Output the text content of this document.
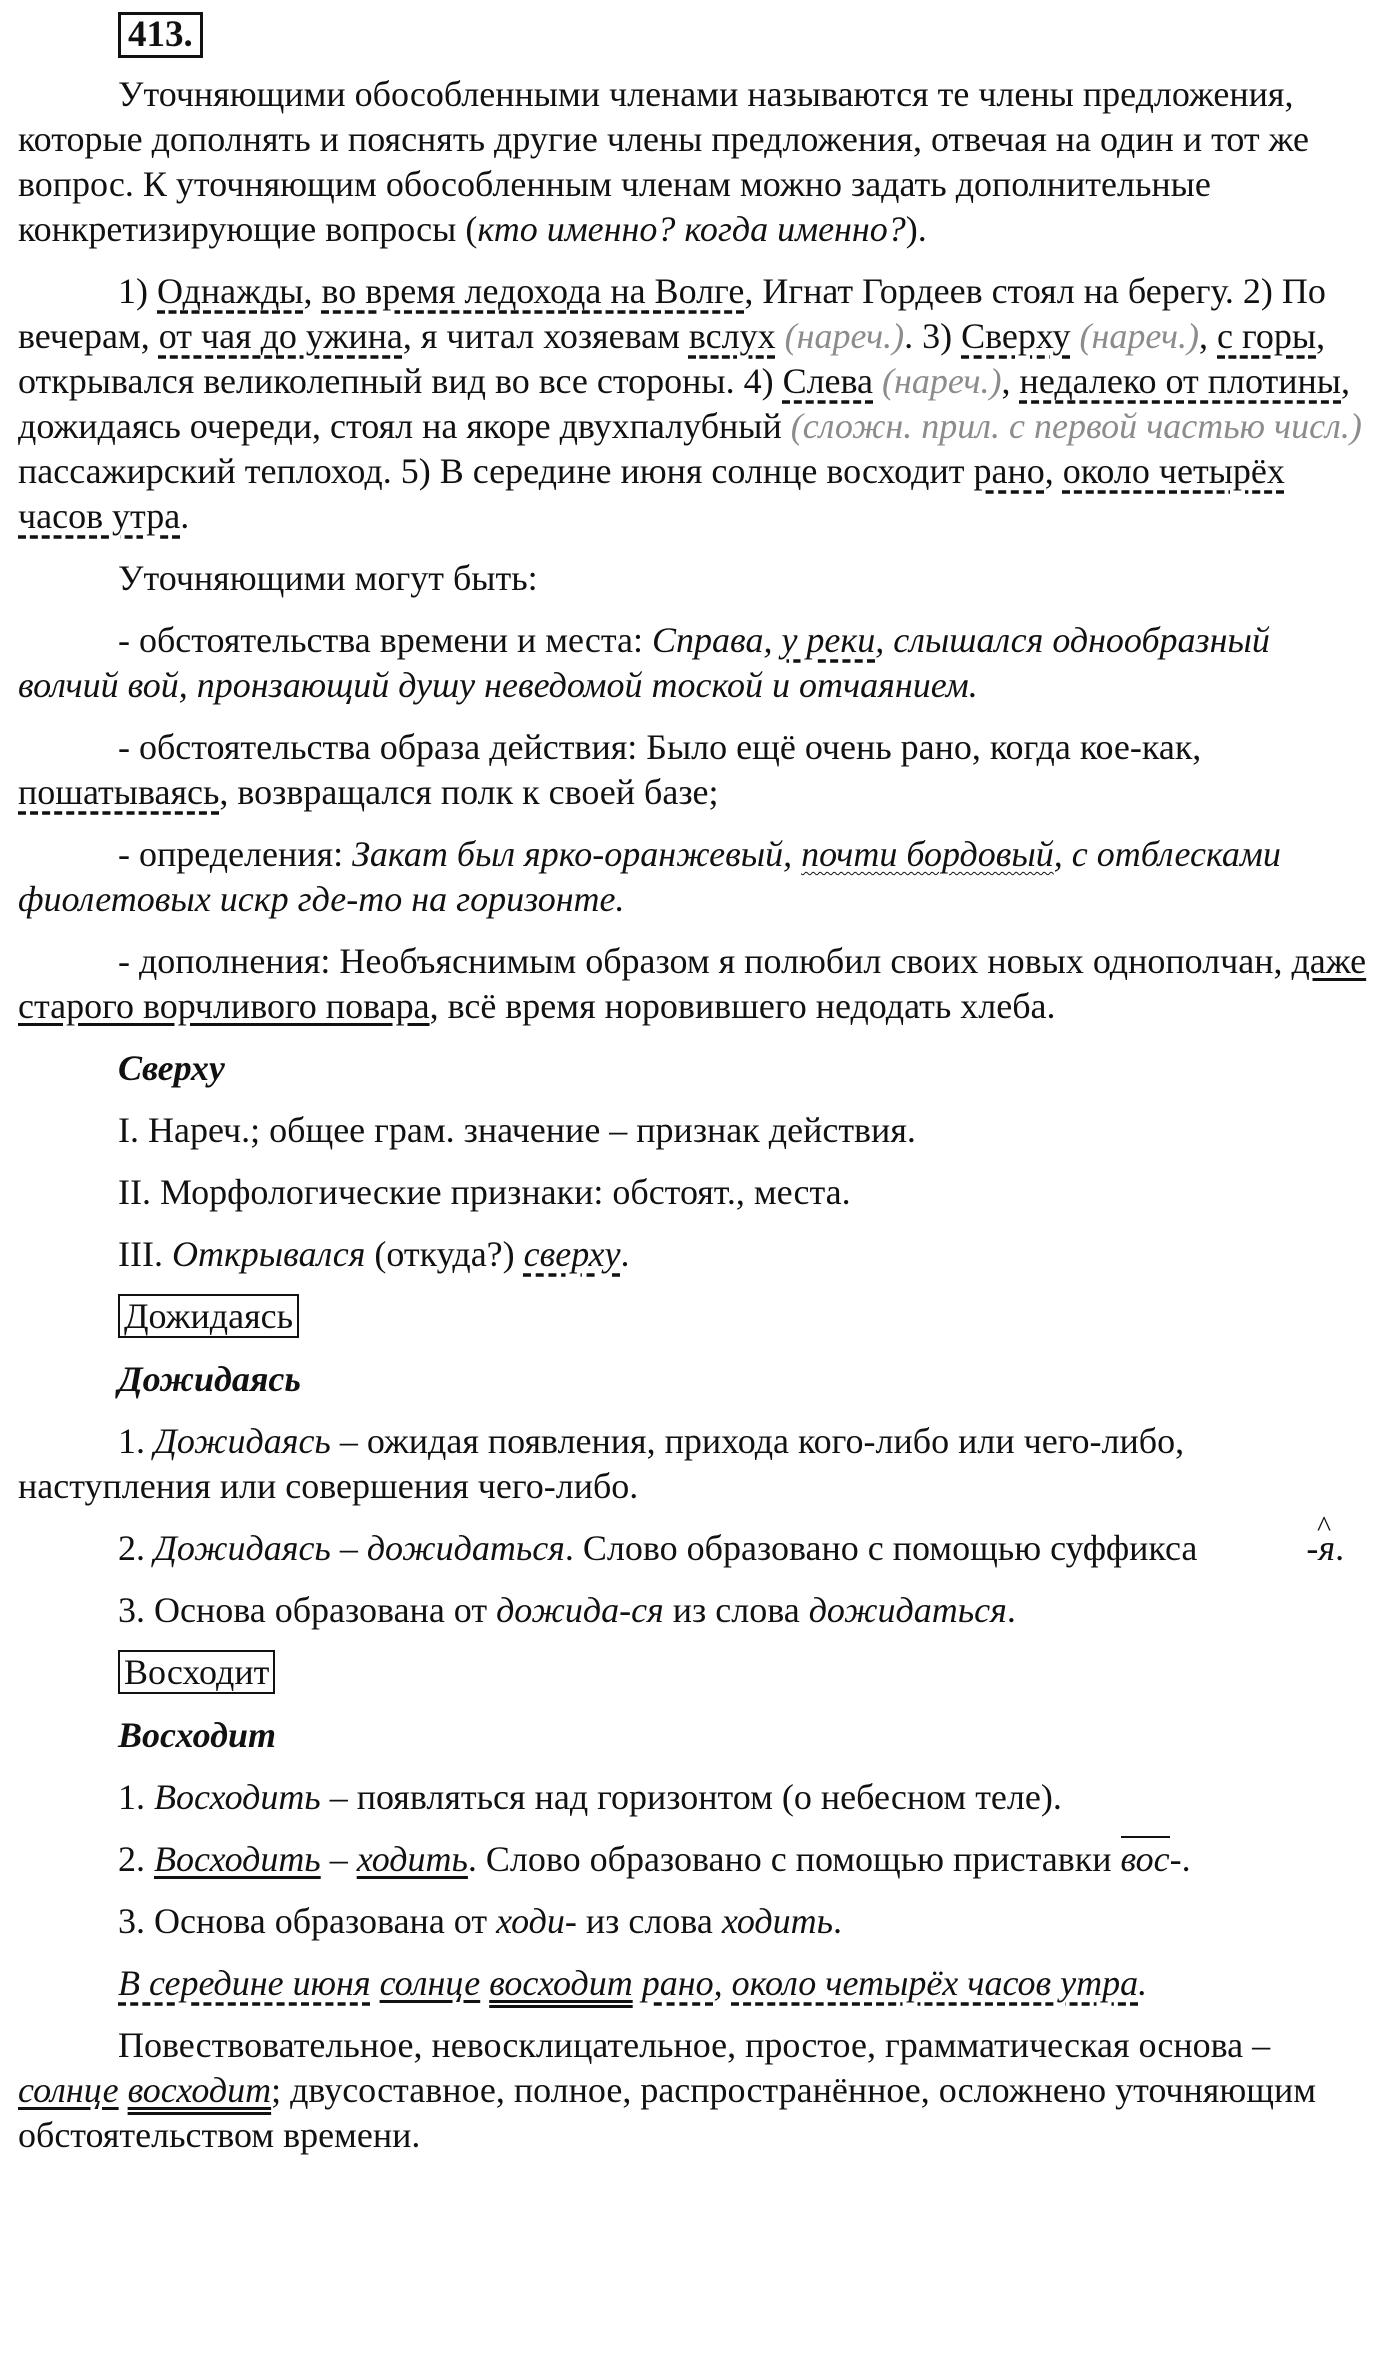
413.

Уточняющими обособленными членами называются те члены предложения, которые дополнять и пояснять другие члены предложения, отвечая на один и тот же вопрос. К уточняющим обособленным членам можно задать дополнительные конкретизирующие вопросы (кто именно? когда именно?).

1) Однажды, во время ледохода на Волге, Игнат Гордеев стоял на берегу. 2) По вечерам, от чая до ужина, я читал хозяевам вслух (нареч.). 3) Сверху (нареч.), с горы, открывался великолепный вид во все стороны. 4) Слева (нареч.), недалеко от плотины, дожидаясь очереди, стоял на якоре двухпалубный (сложн. прил. с первой частью числ.) пассажирский теплоход. 5) В середине июня солнце восходит рано, около четырёх часов утра.

Уточняющими могут быть:

- обстоятельства времени и места: Справа, у реки, слышался однообразный волчий вой, пронзающий душу неведомой тоской и отчаянием.

- обстоятельства образа действия: Было ещё очень рано, когда кое-как, пошатываясь, возвращался полк к своей базе;

- определения: Закат был ярко-оранжевый, почти бордовый, с отблесками фиолетовых искр где-то на горизонте.

- дополнения: Необъяснимым образом я полюбил своих новых однополчан, даже старого ворчливого повара, всё время норовившего недодать хлеба.

Сверху

I. Нареч.; общее грам. значение – признак действия.

II. Морфологические признаки: обстоят., места.

III. Открывался (откуда?) сверху.

Дожидаясь

Дожидаясь

1. Дожидаясь – ожидая появления, прихода кого-либо или чего-либо, наступления или совершения чего-либо.

2. Дожидаясь – дожидаться. Слово образовано с помощью суффикса ^	-я.

3. Основа образована от дожида-ся из слова дожидаться.

Восходит

Восходит

1. Восходить – появляться над горизонтом (о небесном теле).

2. Восходить – ходить. Слово образовано с помощью приставки вос-.

3. Основа образована от ходи- из слова ходить.

В середине июня солнце восходит рано, около четырёх часов утра.

Повествовательное, невосклицательное, простое, грамматическая основа – солнце восходит; двусоставное, полное, распространённое, осложнено уточняющим обстоятельством времени.
